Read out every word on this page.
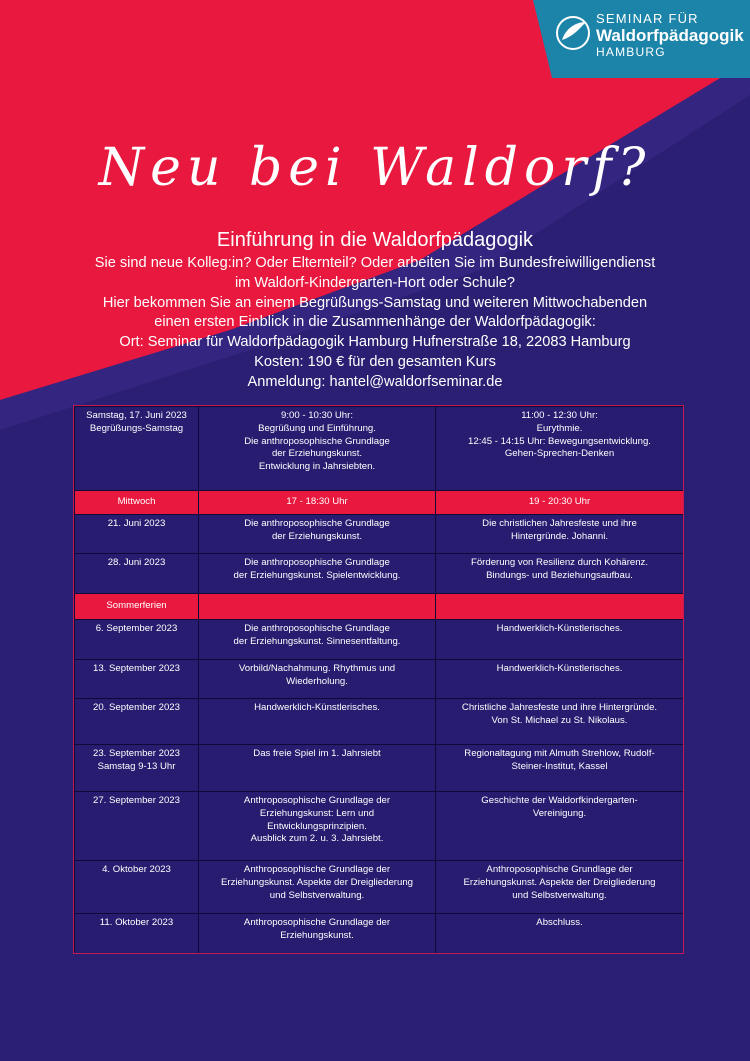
SEMINAR FÜR
Waldorfpädagogik
HAMBURG
Neu bei Waldorf?
Einführung in die Waldorfpädagogik
Sie sind neue Kolleg:in? Oder Elternteil? Oder arbeiten Sie im Bundesfreiwilligendienst
im Waldorf-Kindergarten-Hort oder Schule?
Hier bekommen Sie an einem Begrüßungs-Samstag und weiteren Mittwochabenden
einen ersten Einblick in die Zusammenhänge der Waldorfpädagogik:
Ort: Seminar für Waldorfpädagogik Hamburg Hufnerstraße 18, 22083 Hamburg
Kosten: 190 € für den gesamten Kurs
Anmeldung: hantel@waldorfseminar.de
Samstag, 17. Juni 2023
Begrüßungs-Samstag	9:00 - 10:30 Uhr:
Begrüßung und Einführung.
Die anthroposophische Grundlage
der Erziehungskunst.
Entwicklung in Jahrsiebten.	11:00 - 12:30 Uhr:
Eurythmie.
12:45 - 14:15 Uhr: Bewegungsentwicklung.
Gehen-Sprechen-Denken
Mittwoch	17 - 18:30 Uhr	19 - 20:30 Uhr
21. Juni 2023	Die anthroposophische Grundlage
der Erziehungskunst.	Die christlichen Jahresfeste und ihre
Hintergründe. Johanni.
28. Juni 2023	Die anthroposophische Grundlage
der Erziehungskunst. Spielentwicklung.	Förderung von Resilienz durch Kohärenz.
Bindungs- und Beziehungsaufbau.
Sommerferien		
6. September 2023	Die anthroposophische Grundlage
der Erziehungskunst. Sinnesentfaltung.	Handwerklich-Künstlerisches.
13. September 2023	Vorbild/Nachahmung. Rhythmus und
Wiederholung.	Handwerklich-Künstlerisches.
20. September 2023	Handwerklich-Künstlerisches.	Christliche Jahresfeste und ihre Hintergründe.
Von St. Michael zu St. Nikolaus.
23. September 2023
Samstag 9-13 Uhr	Das freie Spiel im 1. Jahrsiebt	Regionaltagung mit Almuth Strehlow, Rudolf-
Steiner-Institut, Kassel
27. September 2023	Anthroposophische Grundlage der
Erziehungskunst: Lern und
Entwicklungsprinzipien.
Ausblick zum 2. u. 3. Jahrsiebt.	Geschichte der Waldorfkindergarten-
Vereinigung.
4. Oktober 2023	Anthroposophische Grundlage der
Erziehungskunst. Aspekte der Dreigliederung
und Selbstverwaltung.	Anthroposophische Grundlage der
Erziehungskunst. Aspekte der Dreigliederung
und Selbstverwaltung.
11. Oktober 2023	Anthroposophische Grundlage der
Erziehungskunst.	Abschluss.
